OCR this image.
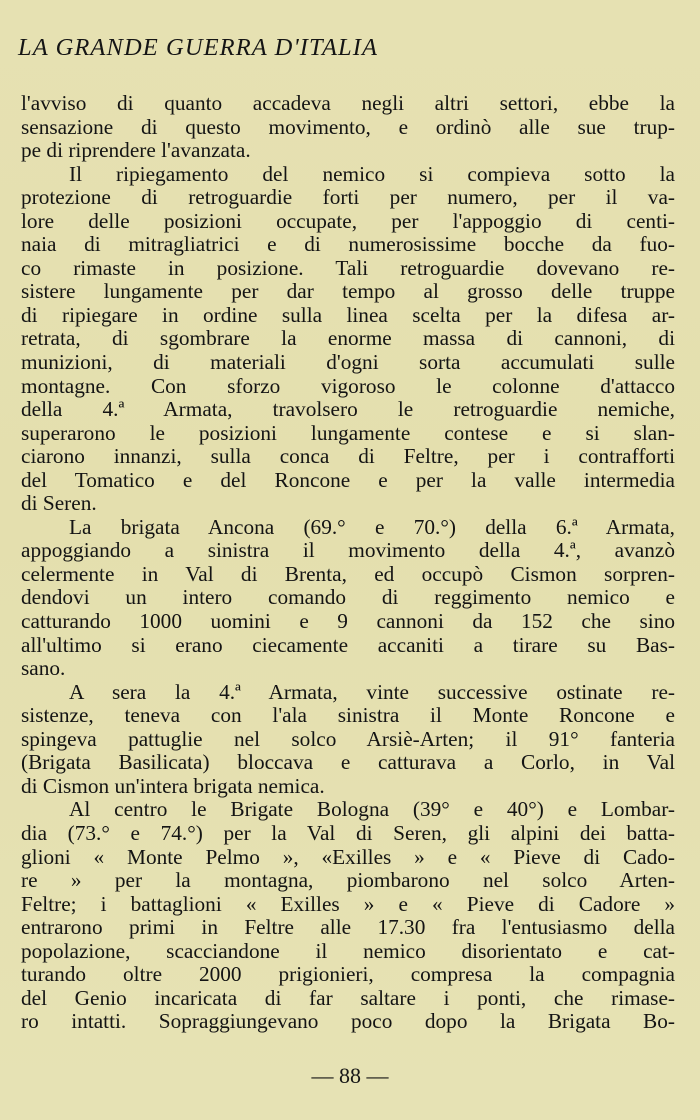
LA GRANDE GUERRA D'ITALIA
l'avviso di quanto accadeva negli altri settori, ebbe la
sensazione di questo movimento, e ordinò alle sue trup-
pe di riprendere l'avanzata.
Il ripiegamento del nemico si compieva sotto la
protezione di retroguardie forti per numero, per il va-
lore delle posizioni occupate, per l'appoggio di centi-
naia di mitragliatrici e di numerosissime bocche da fuo-
co rimaste in posizione. Tali retroguardie dovevano re-
sistere lungamente per dar tempo al grosso delle truppe
di ripiegare in ordine sulla linea scelta per la difesa ar-
retrata, di sgombrare la enorme massa di cannoni, di
munizioni, di materiali d'ogni sorta accumulati sulle
montagne. Con sforzo vigoroso le colonne d'attacco
della 4.ª Armata, travolsero le retroguardie nemiche,
superarono le posizioni lungamente contese e si slan-
ciarono innanzi, sulla conca di Feltre, per i contrafforti
del Tomatico e del Roncone e per la valle intermedia
di Seren.
La brigata Ancona (69.° e 70.°) della 6.ª Armata,
appoggiando a sinistra il movimento della 4.ª, avanzò
celermente in Val di Brenta, ed occupò Cismon sorpren-
dendovi un intero comando di reggimento nemico e
catturando 1000 uomini e 9 cannoni da 152 che sino
all'ultimo si erano ciecamente accaniti a tirare su Bas-
sano.
A sera la 4.ª Armata, vinte successive ostinate re-
sistenze, teneva con l'ala sinistra il Monte Roncone e
spingeva pattuglie nel solco Arsiè-Arten; il 91° fanteria
(Brigata Basilicata) bloccava e catturava a Corlo, in Val
di Cismon un'intera brigata nemica.
Al centro le Brigate Bologna (39° e 40°) e Lombar-
dia (73.° e 74.°) per la Val di Seren, gli alpini dei batta-
glioni « Monte Pelmo », «Exilles » e « Pieve di Cado-
re » per la montagna, piombarono nel solco Arten-
Feltre; i battaglioni « Exilles » e « Pieve di Cadore »
entrarono primi in Feltre alle 17.30 fra l'entusiasmo della
popolazione, scacciandone il nemico disorientato e cat-
turando oltre 2000 prigionieri, compresa la compagnia
del Genio incaricata di far saltare i ponti, che rimase-
ro intatti. Sopraggiungevano poco dopo la Brigata Bo-
— 88 —
